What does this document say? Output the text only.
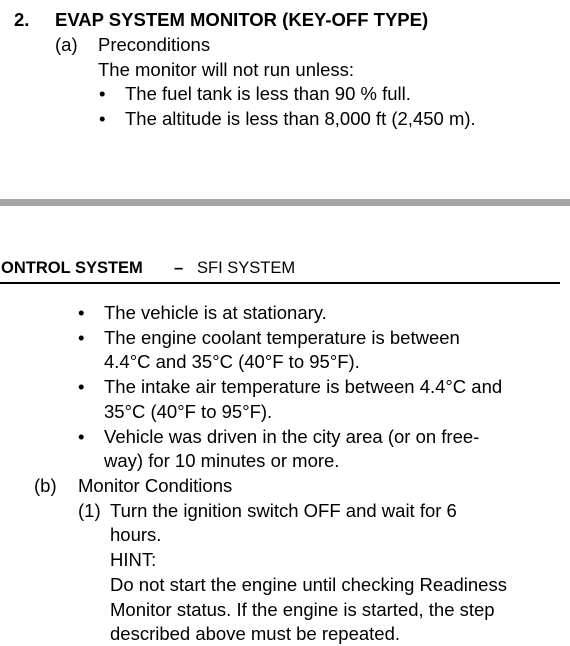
2. EVAP SYSTEM MONITOR (KEY-OFF TYPE)
(a) Preconditions
The monitor will not run unless:
• The fuel tank is less than 90 % full.
• The altitude is less than 8,000 ft (2,450 m).
ONTROL SYSTEM – SFI SYSTEM
• The vehicle is at stationary.
• The engine coolant temperature is between
4.4°C and 35°C (40°F to 95°F).
• The intake air temperature is between 4.4°C and
35°C (40°F to 95°F).
• Vehicle was driven in the city area (or on free-
way) for 10 minutes or more.
(b) Monitor Conditions
(1) Turn the ignition switch OFF and wait for 6
hours.
HINT:
Do not start the engine until checking Readiness
Monitor status. If the engine is started, the step
described above must be repeated.
